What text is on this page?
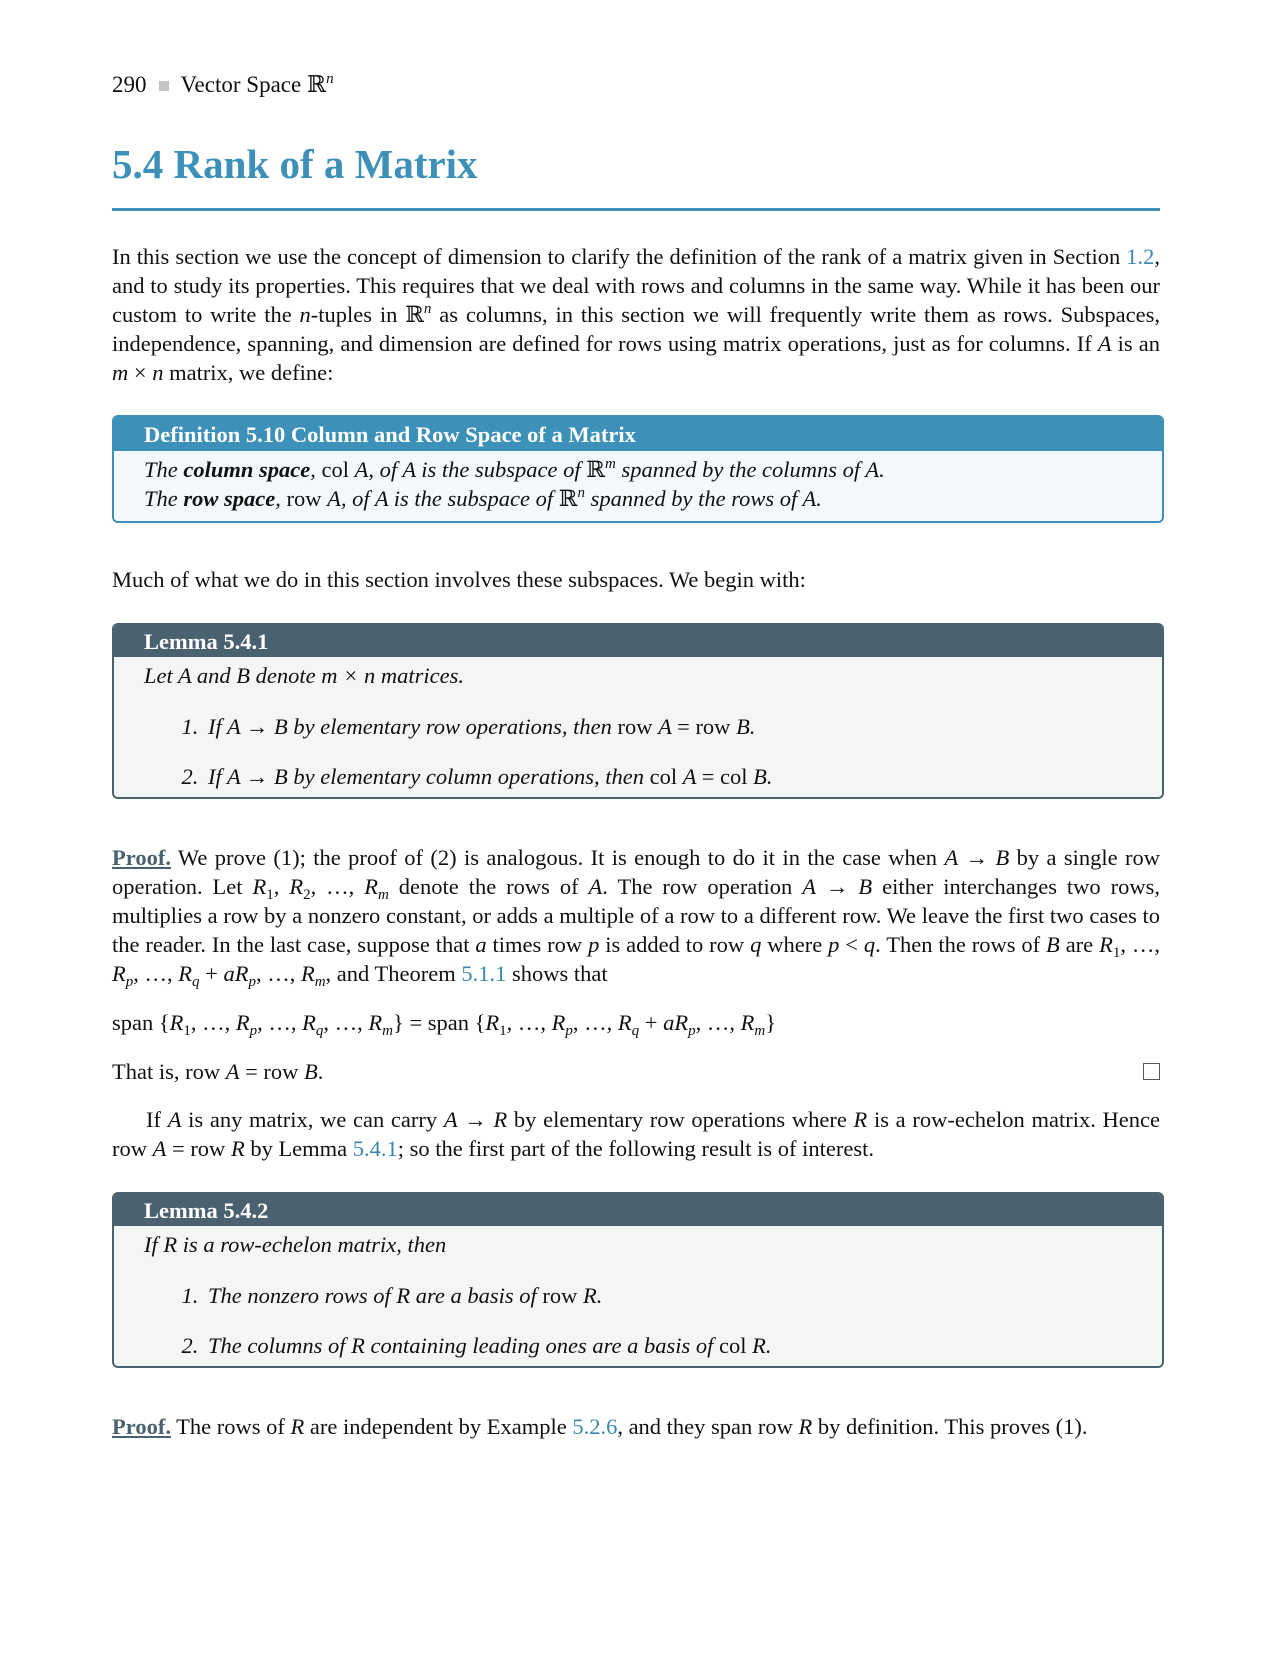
290 Vector Space ℝ$^n$
5.4 Rank of a Matrix

In this section we use the concept of dimension to clarify the definition of the rank of a matrix given in Section 1.2, and to study its properties. This requires that we deal with rows and columns in the same way. While it has been our custom to write the n-tuples in ℝ$^n$ as columns, in this section we will frequently write them as rows. Subspaces, independence, spanning, and dimension are defined for rows using matrix operations, just as for columns. If A is an m × n matrix, we define:

Definition 5.10 Column and Row Space of a Matrix
The column space, col A, of A is the subspace of ℝ$^m$ spanned by the columns of A.
The row space, row A, of A is the subspace of ℝ$^n$ spanned by the rows of A.

Much of what we do in this section involves these subspaces. We begin with:

Lemma 5.4.1
Let A and B denote m × n matrices.
1. If A → B by elementary row operations, then row A = row B.
2. If A → B by elementary column operations, then col A = col B.

Proof. We prove (1); the proof of (2) is analogous. It is enough to do it in the case when A → B by a single row operation. Let $R_1$, $R_2$, …, $R_m$ denote the rows of A. The row operation A → B either interchanges two rows, multiplies a row by a nonzero constant, or adds a multiple of a row to a different row. We leave the first two cases to the reader. In the last case, suppose that a times row p is added to row q where p < q. Then the rows of B are $R_1$, …, $R_p$, …, $R_q + aR_p$, …, $R_m$, and Theorem 5.1.1 shows that

span {$R_1$, …, $R_p$, …, $R_q$, …, $R_m$} = span {$R_1$, …, $R_p$, …, $R_q + aR_p$, …, $R_m$}

That is, row A = row B.

If A is any matrix, we can carry A → R by elementary row operations where R is a row-echelon matrix. Hence row A = row R by Lemma 5.4.1; so the first part of the following result is of interest.

Lemma 5.4.2
If R is a row-echelon matrix, then
1. The nonzero rows of R are a basis of row R.
2. The columns of R containing leading ones are a basis of col R.

Proof. The rows of R are independent by Example 5.2.6, and they span row R by definition. This proves (1).
